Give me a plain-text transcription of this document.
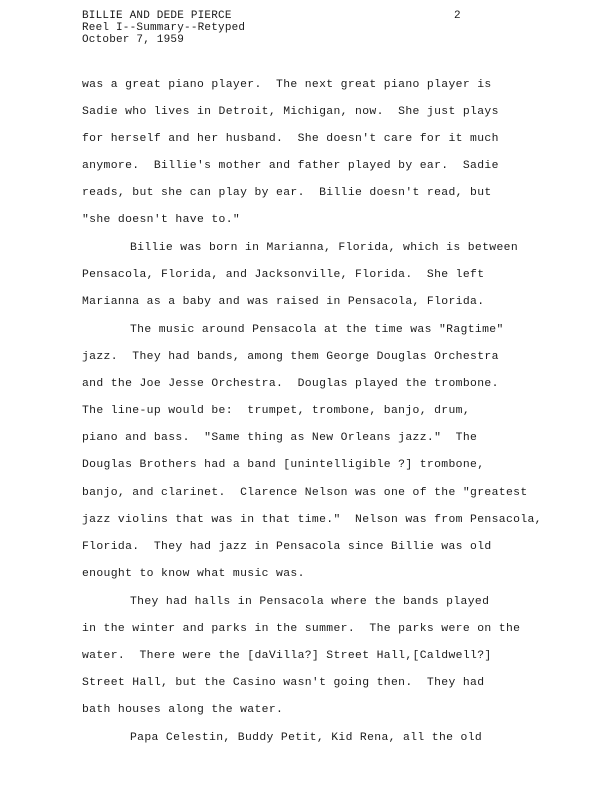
BILLIE AND DEDE PIERCE
Reel I--Summary--Retyped
October 7, 1959
2
was a great piano player.  The next great piano player is
Sadie who lives in Detroit, Michigan, now.  She just plays
for herself and her husband.  She doesn't care for it much
anymore.  Billie's mother and father played by ear.  Sadie
reads, but she can play by ear.  Billie doesn't read, but
"she doesn't have to."
Billie was born in Marianna, Florida, which is between
Pensacola, Florida, and Jacksonville, Florida.  She left
Marianna as a baby and was raised in Pensacola, Florida.
The music around Pensacola at the time was "Ragtime"
jazz.  They had bands, among them George Douglas Orchestra
and the Joe Jesse Orchestra.  Douglas played the trombone.
The line-up would be:  trumpet, trombone, banjo, drum,
piano and bass.  "Same thing as New Orleans jazz."  The
Douglas Brothers had a band [unintelligible ?] trombone,
banjo, and clarinet.  Clarence Nelson was one of the "greatest
jazz violins that was in that time."  Nelson was from Pensacola,
Florida.  They had jazz in Pensacola since Billie was old
enought to know what music was.
They had halls in Pensacola where the bands played
in the winter and parks in the summer.  The parks were on the
water.  There were the [daVilla?] Street Hall,[Caldwell?]
Street Hall, but the Casino wasn't going then.  They had
bath houses along the water.
Papa Celestin, Buddy Petit, Kid Rena, all the old
